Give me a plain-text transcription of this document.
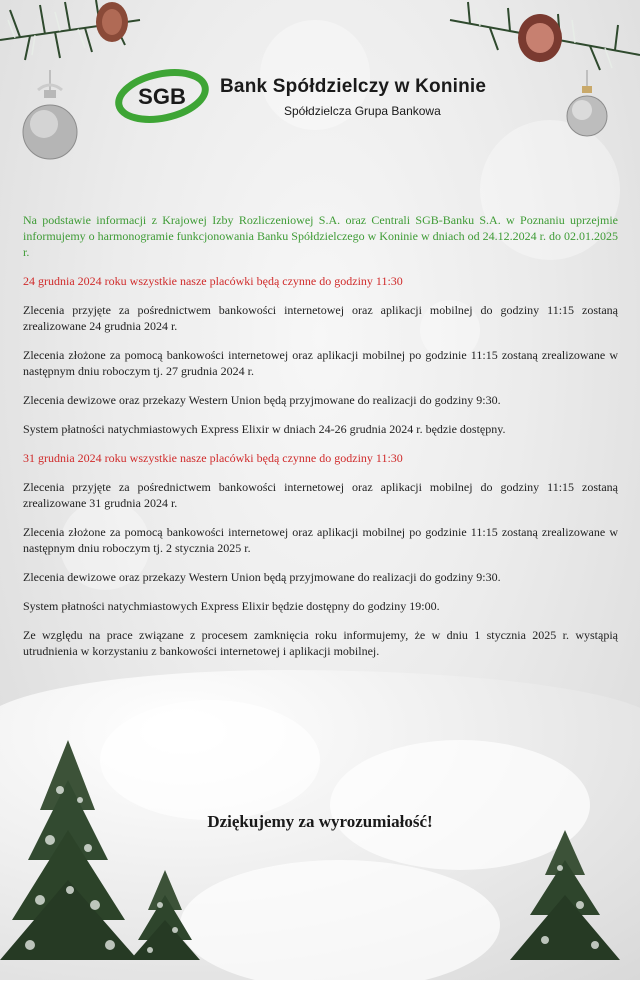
SGB Bank Spółdzielczy w Koninie
Spółdzielcza Grupa Bankowa

Na podstawie informacji z Krajowej Izby Rozliczeniowej S.A. oraz Centrali SGB-Banku S.A. w Poznaniu uprzejmie informujemy o harmonogramie funkcjonowania Banku Spółdzielczego w Koninie w dniach od 24.12.2024 r. do 02.01.2025 r.

24 grudnia 2024 roku wszystkie nasze placówki będą czynne do godziny 11:30

Zlecenia przyjęte za pośrednictwem bankowości internetowej oraz aplikacji mobilnej do godziny 11:15 zostaną zrealizowane 24 grudnia 2024 r.

Zlecenia złożone za pomocą bankowości internetowej oraz aplikacji mobilnej po godzinie 11:15 zostaną zrealizowane w następnym dniu roboczym tj. 27 grudnia 2024 r.

Zlecenia dewizowe oraz przekazy Western Union będą przyjmowane do realizacji do godziny 9:30.

System płatności natychmiastowych Express Elixir w dniach 24-26 grudnia 2024 r. będzie dostępny.

31 grudnia 2024 roku wszystkie nasze placówki będą czynne do godziny 11:30

Zlecenia przyjęte za pośrednictwem bankowości internetowej oraz aplikacji mobilnej do godziny 11:15 zostaną zrealizowane 31 grudnia 2024 r.

Zlecenia złożone za pomocą bankowości internetowej oraz aplikacji mobilnej po godzinie 11:15 zostaną zrealizowane w następnym dniu roboczym tj. 2 stycznia 2025 r.

Zlecenia dewizowe oraz przekazy Western Union będą przyjmowane do realizacji do godziny 9:30.

System płatności natychmiastowych Express Elixir będzie dostępny do godziny 19:00.

Ze względu na prace związane z procesem zamknięcia roku informujemy, że w dniu 1 stycznia 2025 r. wystąpią utrudnienia w korzystaniu z bankowości internetowej i aplikacji mobilnej.

Dziękujemy za wyrozumiałość!
